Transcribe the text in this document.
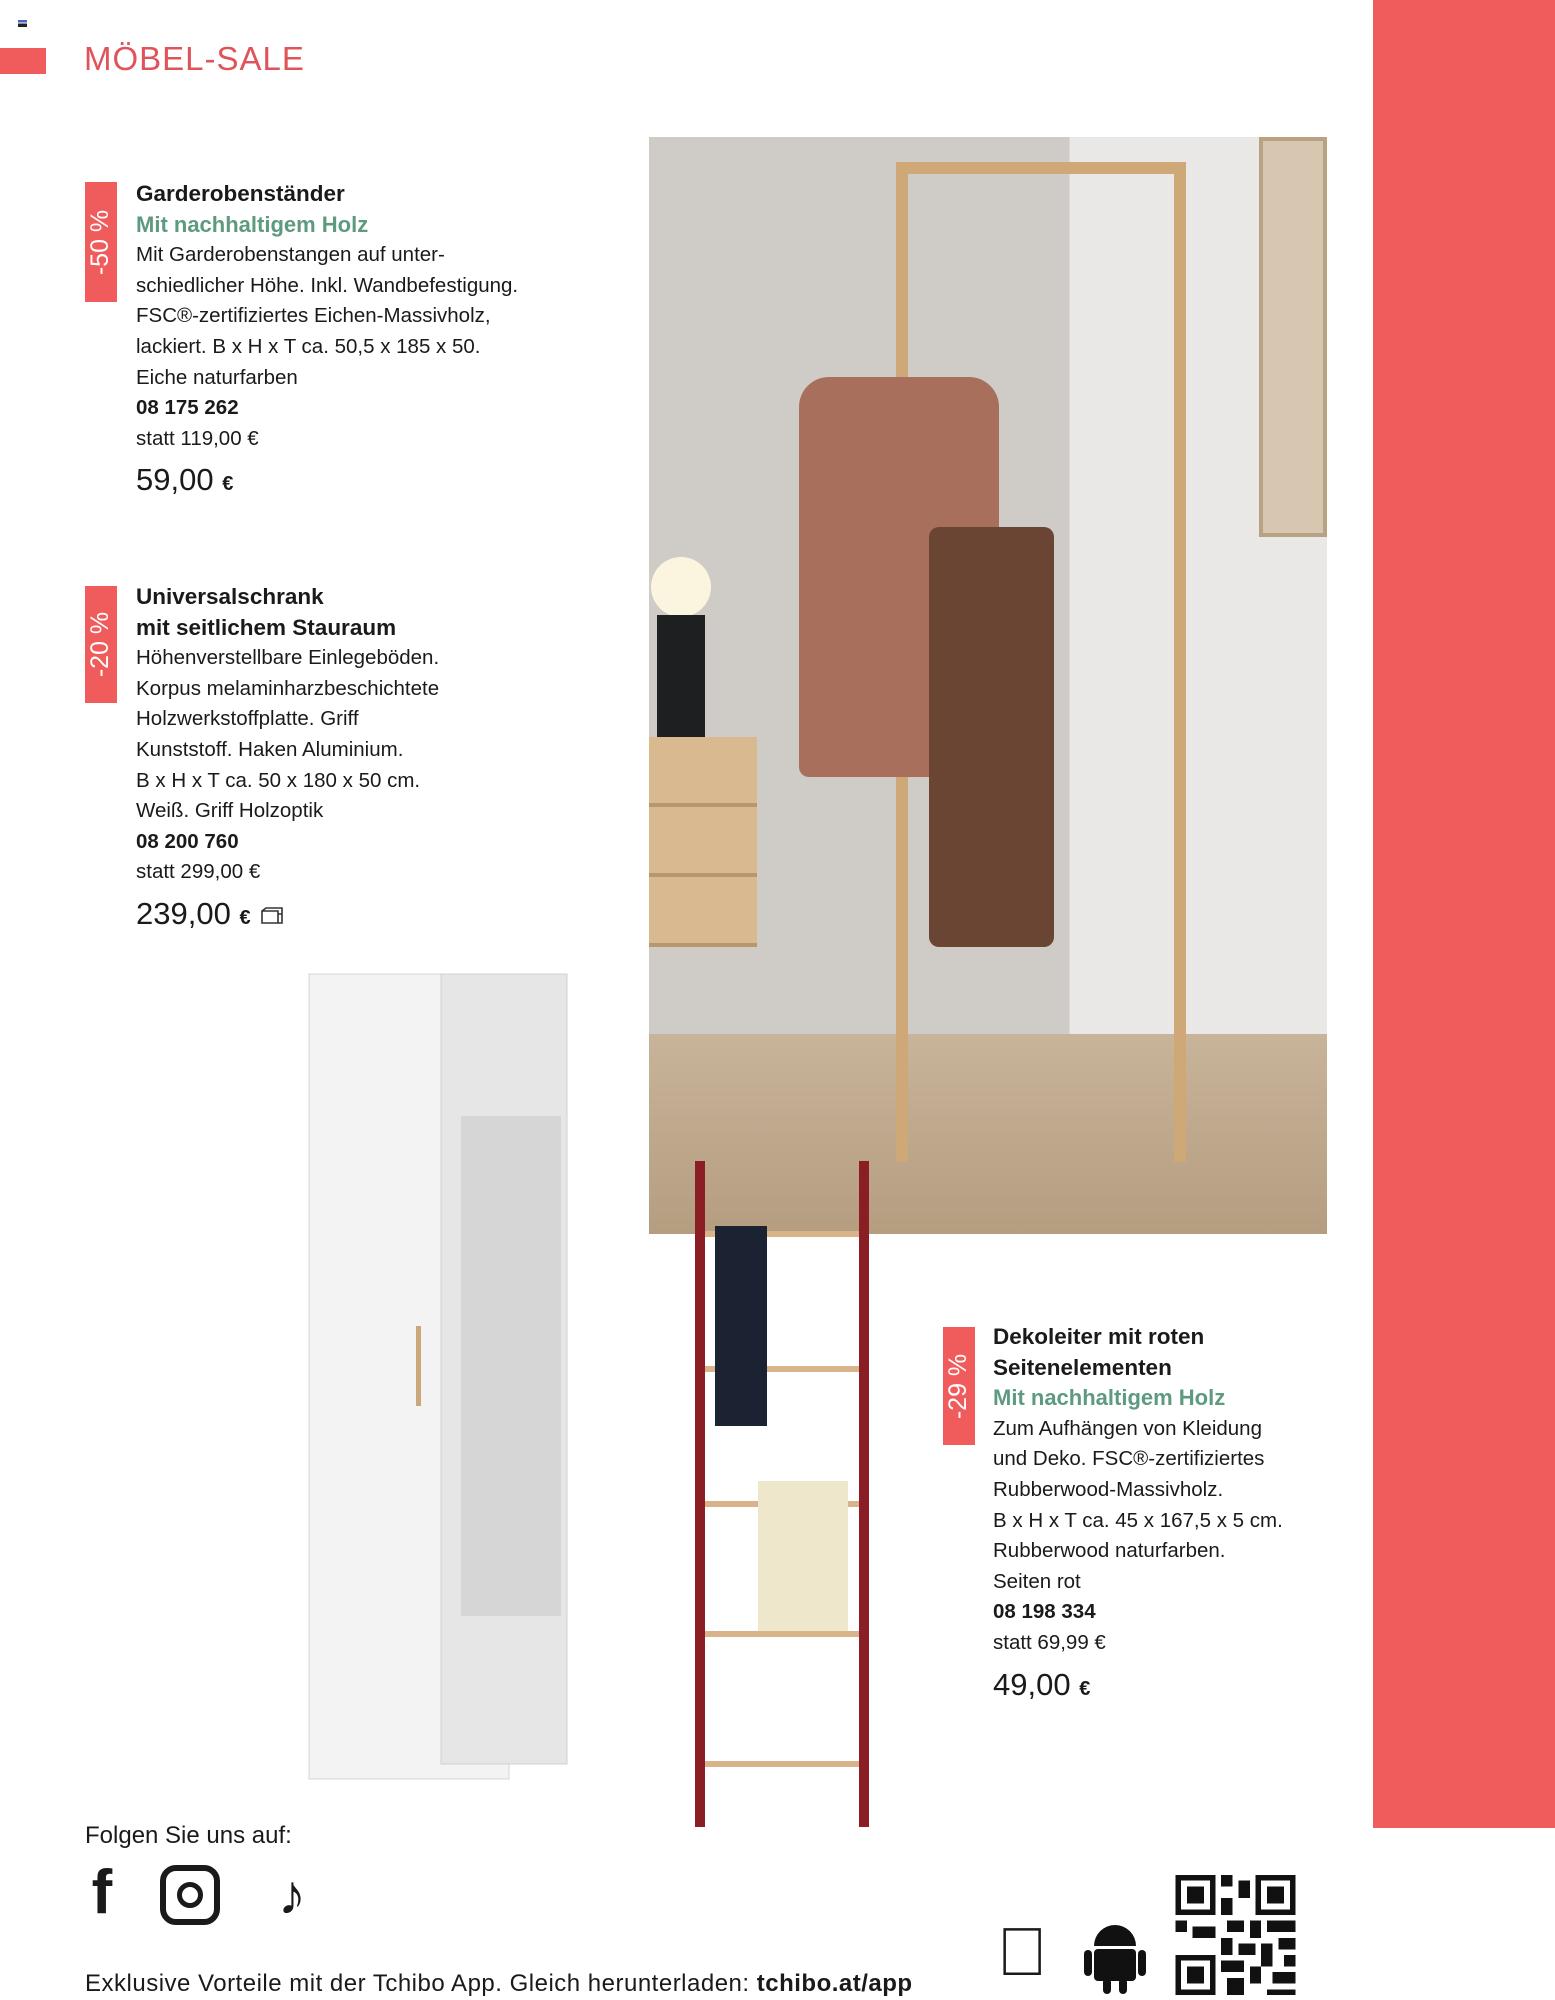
MÖBEL-SALE
-50 %
Garderobenständer
Mit nachhaltigem Holz
Mit Garderobenstangen auf unter-
schiedlicher Höhe. Inkl. Wandbefestigung.
FSC®-zertifiziertes Eichen-Massivholz,
lackiert. B x H x T ca. 50,5 x 185 x 50.
Eiche naturfarben
08 175 262
statt 119,00 €
59,00 €
-20 %
Universalschrank
mit seitlichem Stauraum
Höhenverstellbare Einlegeböden.
Korpus melaminharzbeschichtete
Holzwerkstoffplatte. Griff
Kunststoff. Haken Aluminium.
B x H x T ca. 50 x 180 x 50 cm.
Weiß. Griff Holzoptik
08 200 760
statt 299,00 €
239,00 €
-29 %
Dekoleiter mit roten
Seitenelementen
Mit nachhaltigem Holz
Zum Aufhängen von Kleidung
und Deko. FSC®-zertifiziertes
Rubberwood-Massivholz.
B x H x T ca. 45 x 167,5 x 5 cm.
Rubberwood naturfarben.
Seiten rot
08 198 334
statt 69,99 €
49,00 €
Folgen Sie uns auf:
f	♪
Exklusive Vorteile mit der Tchibo App. Gleich herunterladen: tchibo.at/app
